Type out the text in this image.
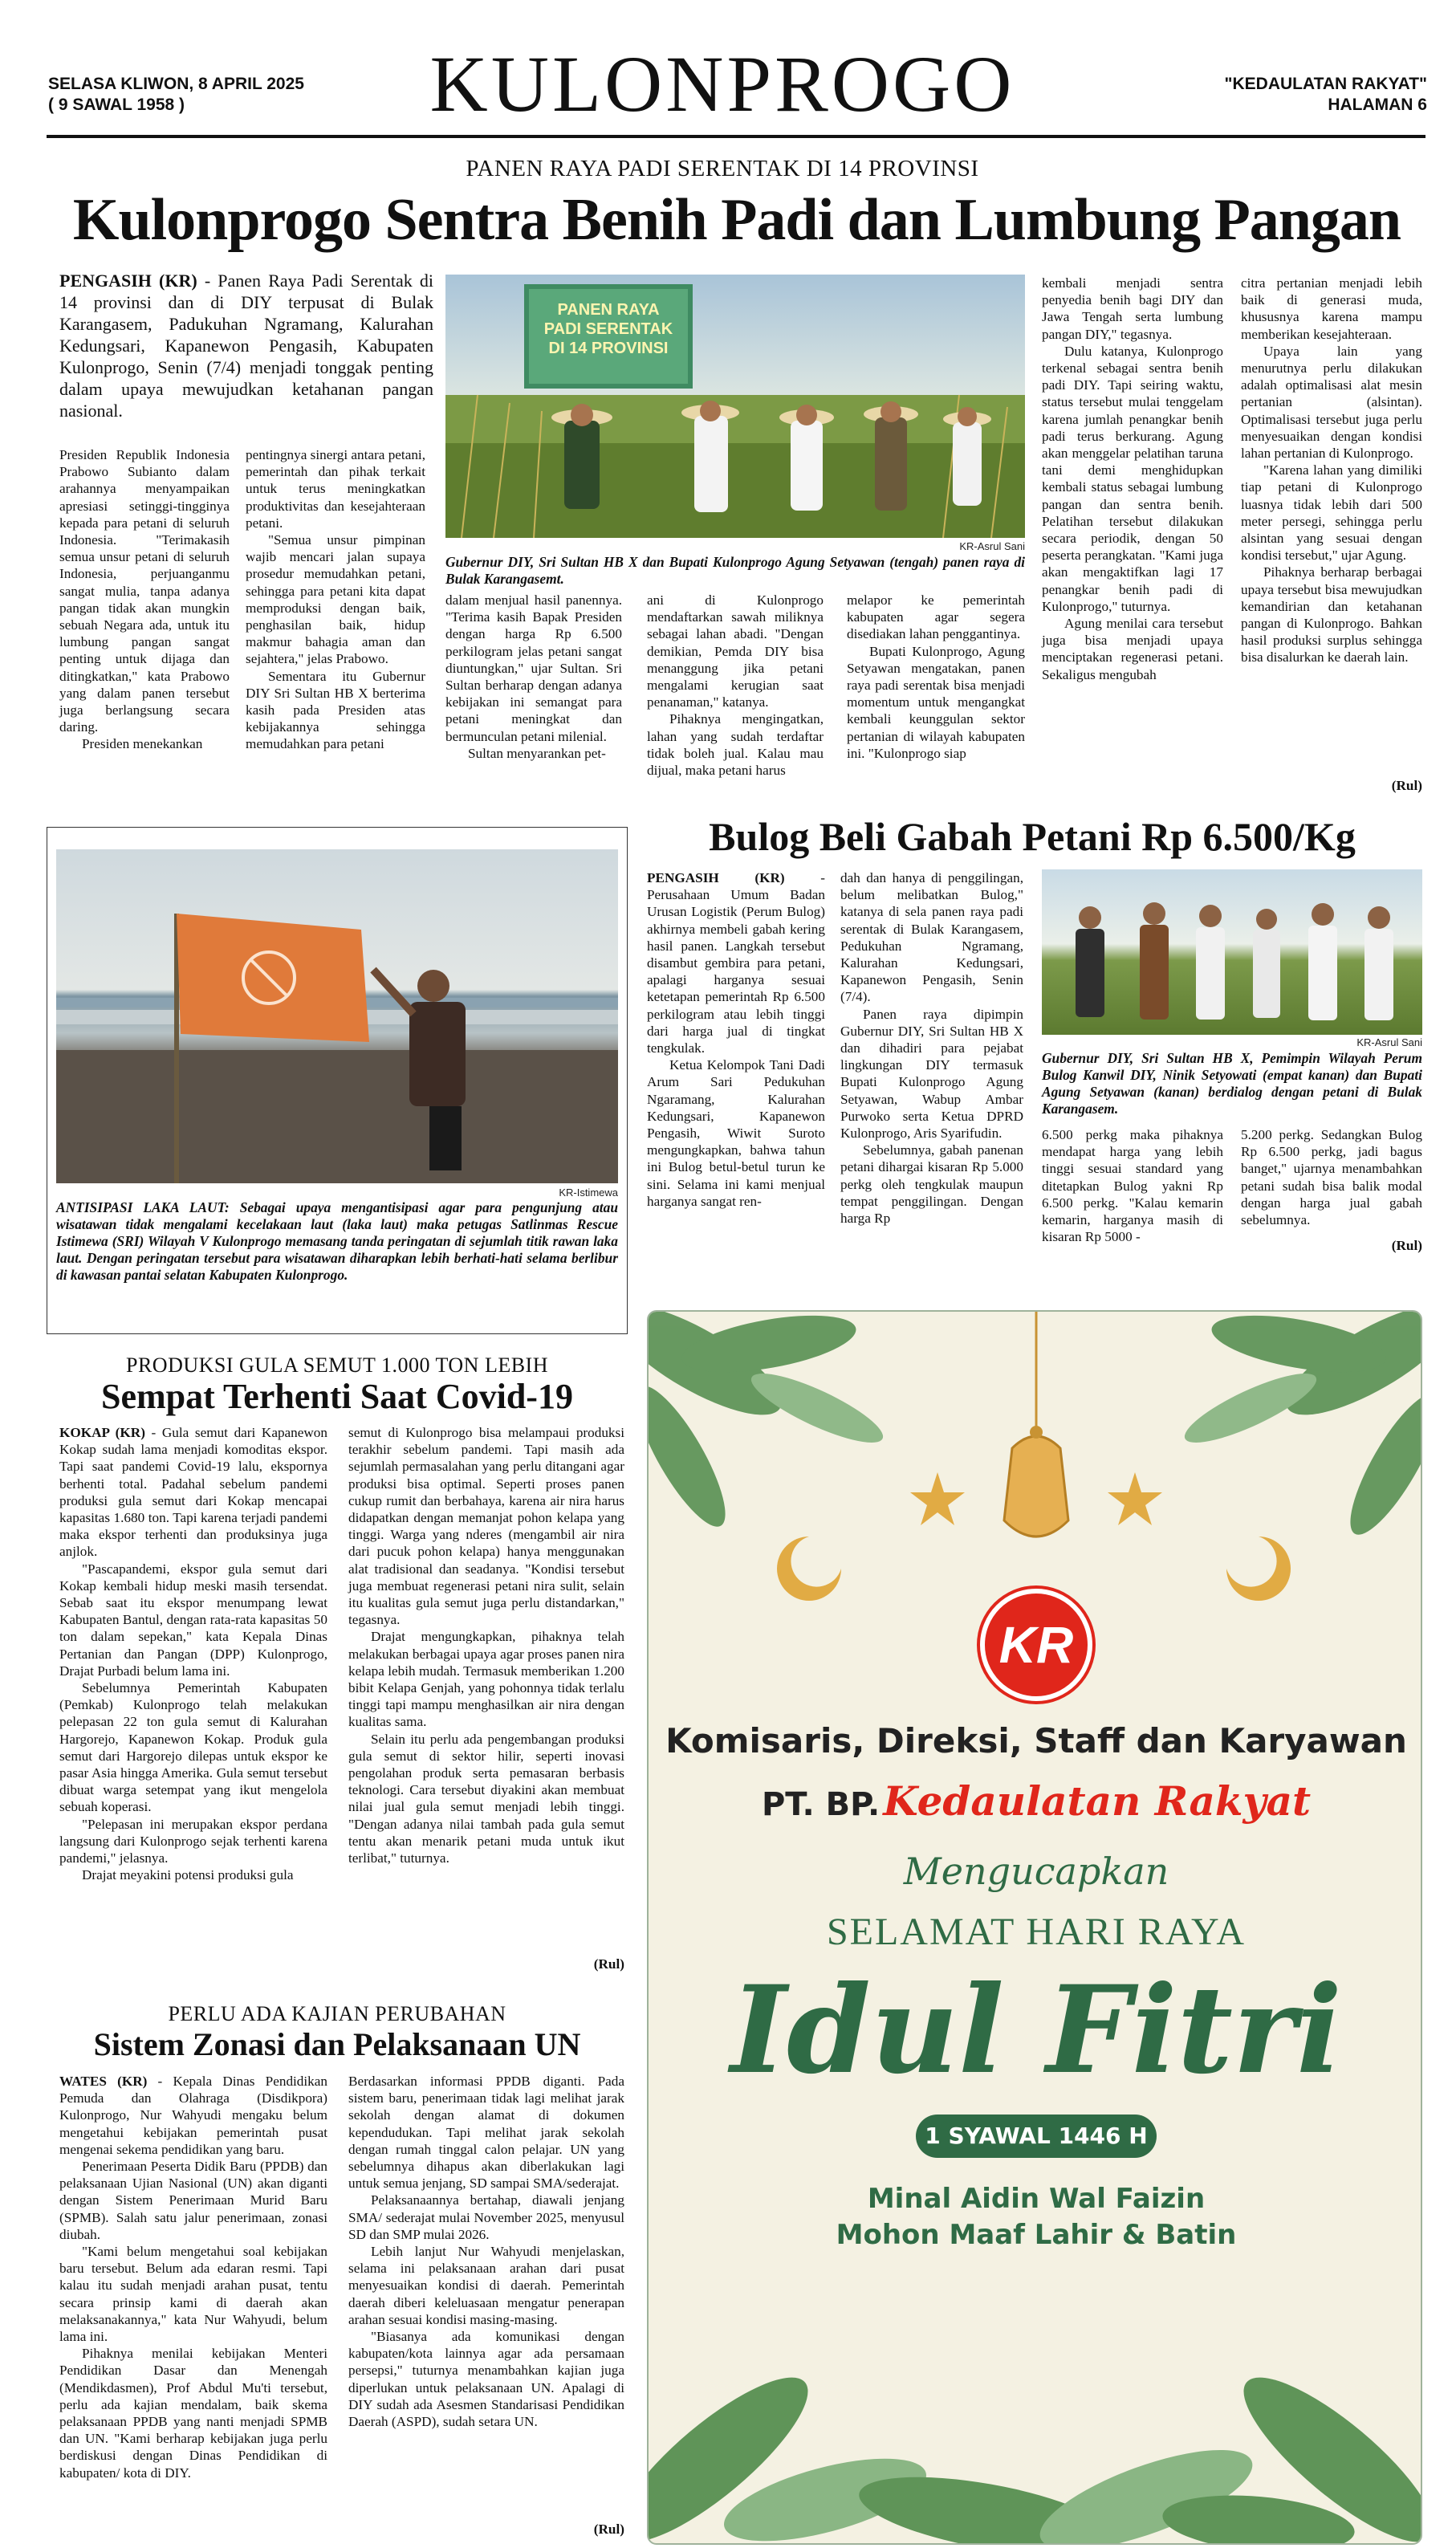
SELASA KLIWON, 8 APRIL 2025
( 9 SAWAL 1958 )	KULONPROGO	"KEDAULATAN RAKYAT"
HALAMAN 6
PANEN RAYA PADI SERENTAK DI 14 PROVINSI
Kulonprogo Sentra Benih Padi dan Lumbung Pangan
PENGASIH (KR) - Panen Raya Padi Serentak di 14 provinsi dan di DIY terpusat di Bulak Karangasem, Padukuhan Ngramang, Kalurahan Kedungsari, Kapanewon Pengasih, Kabupaten Kulonprogo, Senin (7/4) menjadi tonggak penting dalam upaya mewujudkan ketahanan pangan nasional.

Presiden Republik Indonesia Prabowo Subianto dalam arahannya menyampaikan apresiasi setinggi-tingginya kepada para petani di seluruh Indonesia. "Terimakasih semua unsur petani di seluruh Indonesia, perjuanganmu sangat mulia, tanpa adanya pangan tidak akan mungkin sebuah Negara ada, untuk itu lumbung pangan sangat penting untuk dijaga dan ditingkatkan," kata Prabowo yang dalam panen tersebut juga berlangsung secara daring.

Presiden menekankan

pentingnya sinergi antara petani, pemerintah dan pihak terkait untuk terus meningkatkan produktivitas dan kesejahteraan petani.

"Semua unsur pimpinan wajib mencari jalan supaya prosedur memudahkan petani, sehingga para petani kita dapat memproduksi dengan baik, penghasilan baik, hidup makmur bahagia aman dan sejahtera," jelas Prabowo.

Sementara itu Gubernur DIY Sri Sultan HB X berterima kasih pada Presiden atas kebijakannya sehingga memudahkan para petani

PANEN RAYA
PADI SERENTAK
DI 14 PROVINSI
KR-Asrul Sani
Gubernur DIY, Sri Sultan HB X dan Bupati Kulonprogo Agung Setyawan (tengah) panen raya di Bulak Karangasemt.

dalam menjual hasil panennya. "Terima kasih Bapak Presiden dengan harga Rp 6.500 perkilogram jelas petani sangat diuntungkan," ujar Sultan. Sri Sultan berharap dengan adanya kebijakan ini semangat para petani meningkat dan bermunculan petani milenial.

Sultan menyarankan pet-

ani di Kulonprogo mendaftarkan sawah miliknya sebagai lahan abadi. "Dengan demikian, Pemda DIY bisa menanggung jika petani mengalami kerugian saat penanaman," katanya.

Pihaknya mengingatkan, lahan yang sudah terdaftar tidak boleh jual. Kalau mau dijual, maka petani harus

melapor ke pemerintah kabupaten agar segera disediakan lahan penggantinya.

Bupati Kulonprogo, Agung Setyawan mengatakan, panen raya padi serentak bisa menjadi momentum untuk mengangkat kembali keunggulan sektor pertanian di wilayah kabupaten ini. "Kulonprogo siap

kembali menjadi sentra penyedia benih bagi DIY dan Jawa Tengah serta lumbung pangan DIY," tegasnya.

Dulu katanya, Kulonprogo terkenal sebagai sentra benih padi DIY. Tapi seiring waktu, status tersebut mulai tenggelam karena jumlah penangkar benih padi terus berkurang. Agung akan menggelar pelatihan taruna tani demi menghidupkan kembali status sebagai lumbung pangan dan sentra benih. Pelatihan tersebut dilakukan secara periodik, dengan 50 peserta perangkatan. "Kami juga akan mengaktifkan lagi 17 penangkar benih padi di Kulonprogo," tuturnya.

Agung menilai cara tersebut juga bisa menjadi upaya menciptakan regenerasi petani. Sekaligus mengubah

citra pertanian menjadi lebih baik di generasi muda, khususnya karena mampu memberikan kesejahteraan.

Upaya lain yang menurutnya perlu dilakukan adalah optimalisasi alat mesin pertanian (alsintan). Optimalisasi tersebut juga perlu menyesuaikan dengan kondisi lahan pertanian di Kulonprogo.

"Karena lahan yang dimiliki tiap petani di Kulonprogo luasnya tidak lebih dari 500 meter persegi, sehingga perlu alsintan yang sesuai dengan kondisi tersebut," ujar Agung.

Pihaknya berharap berbagai upaya tersebut bisa mewujudkan kemandirian dan ketahanan pangan di Kulonprogo. Bahkan hasil produksi surplus sehingga bisa disalurkan ke daerah lain.

(Rul)
KR-Istimewa
ANTISIPASI LAKA LAUT: Sebagai upaya mengantisipasi agar para pengunjung atau wisatawan tidak mengalami kecelakaan laut (laka laut) maka petugas Satlinmas Rescue Istimewa (SRI) Wilayah V Kulonprogo memasang tanda peringatan di sejumlah titik rawan laka laut. Dengan peringatan tersebut para wisatawan diharapkan lebih berhati-hati selama berlibur di kawasan pantai selatan Kabupaten Kulonprogo.
Bulog Beli Gabah Petani Rp 6.500/Kg

PENGASIH (KR) - Perusahaan Umum Badan Urusan Logistik (Perum Bulog) akhirnya membeli gabah kering hasil panen. Langkah tersebut disambut gembira para petani, apalagi harganya sesuai ketetapan pemerintah Rp 6.500 perkilogram atau lebih tinggi dari harga jual di tingkat tengkulak.

Ketua Kelompok Tani Dadi Arum Sari Pedukuhan Ngaramang, Kalurahan Kedungsari, Kapanewon Pengasih, Wiwit Suroto mengungkapkan, bahwa tahun ini Bulog betul-betul turun ke sini. Selama ini kami menjual harganya sangat ren-

dah dan hanya di penggilingan, belum melibatkan Bulog," katanya di sela panen raya padi serentak di Bulak Karangasem, Pedukuhan Ngramang, Kalurahan Kedungsari, Kapanewon Pengasih, Senin (7/4).

Panen raya dipimpin Gubernur DIY, Sri Sultan HB X dan dihadiri para pejabat lingkungan DIY termasuk Bupati Kulonprogo Agung Setyawan, Wabup Ambar Purwoko serta Ketua DPRD Kulonprogo, Aris Syarifudin.

Sebelumnya, gabah panenan petani dihargai kisaran Rp 5.000 perkg oleh tengkulak maupun tempat penggilingan. Dengan harga Rp

KR-Asrul Sani
Gubernur DIY, Sri Sultan HB X, Pemimpin Wilayah Perum Bulog Kanwil DIY, Ninik Setyowati (empat kanan) dan Bupati Agung Setyawan (kanan) berdialog dengan petani di Bulak Karangasem.

6.500 perkg maka pihaknya mendapat harga yang lebih tinggi sesuai standard yang ditetapkan Bulog yakni Rp 6.500 perkg. "Kalau kemarin kemarin, harganya masih di kisaran Rp 5000 -

5.200 perkg. Sedangkan Bulog Rp 6.500 perkg, jadi bagus banget," ujarnya menambahkan petani sudah bisa balik modal dengan harga jual gabah sebelumnya.

(Rul)
PRODUKSI GULA SEMUT 1.000 TON LEBIH
Sempat Terhenti Saat Covid-19

KOKAP (KR) - Gula semut dari Kapanewon Kokap sudah lama menjadi komoditas ekspor. Tapi saat pandemi Covid-19 lalu, ekspornya berhenti total. Padahal sebelum pandemi produksi gula semut dari Kokap mencapai kapasitas 1.680 ton. Tapi karena terjadi pandemi maka ekspor terhenti dan produksinya juga anjlok.

"Pascapandemi, ekspor gula semut dari Kokap kembali hidup meski masih tersendat. Sebab saat itu ekspor menumpang lewat Kabupaten Bantul, dengan rata-rata kapasitas 50 ton dalam sepekan," kata Kepala Dinas Pertanian dan Pangan (DPP) Kulonprogo, Drajat Purbadi belum lama ini.

Sebelumnya Pemerintah Kabupaten (Pemkab) Kulonprogo telah melakukan pelepasan 22 ton gula semut di Kalurahan Hargorejo, Kapanewon Kokap. Produk gula semut dari Hargorejo dilepas untuk ekspor ke pasar Asia hingga Amerika. Gula semut tersebut dibuat warga setempat yang ikut mengelola sebuah koperasi.

"Pelepasan ini merupakan ekspor perdana langsung dari Kulonprogo sejak terhenti karena pandemi," jelasnya.

Drajat meyakini potensi produksi gula

semut di Kulonprogo bisa melampaui produksi terakhir sebelum pandemi. Tapi masih ada sejumlah permasalahan yang perlu ditangani agar produksi bisa optimal. Seperti proses panen cukup rumit dan berbahaya, karena air nira harus didapatkan dengan memanjat pohon kelapa yang tinggi. Warga yang nderes (mengambil air nira dari pucuk pohon kelapa) hanya menggunakan alat tradisional dan seadanya. "Kondisi tersebut juga membuat regenerasi petani nira sulit, selain itu kualitas gula semut juga perlu distandarkan," tegasnya.

Drajat mengungkapkan, pihaknya telah melakukan berbagai upaya agar proses panen nira kelapa lebih mudah. Termasuk memberikan 1.200 bibit Kelapa Genjah, yang pohonnya tidak terlalu tinggi tapi mampu menghasilkan air nira dengan kualitas sama.

Selain itu perlu ada pengembangan produksi gula semut di sektor hilir, seperti inovasi pengolahan produk serta pemasaran berbasis teknologi. Cara tersebut diyakini akan membuat nilai jual gula semut menjadi lebih tinggi. "Dengan adanya nilai tambah pada gula semut tentu akan menarik petani muda untuk ikut terlibat," tuturnya.

(Rul)
PERLU ADA KAJIAN PERUBAHAN
Sistem Zonasi dan Pelaksanaan UN

WATES (KR) - Kepala Dinas Pendidikan Pemuda dan Olahraga (Disdikpora) Kulonprogo, Nur Wahyudi mengaku belum mengetahui kebijakan pemerintah pusat mengenai sekema pendidikan yang baru.

Penerimaan Peserta Didik Baru (PPDB) dan pelaksanaan Ujian Nasional (UN) akan diganti dengan Sistem Penerimaan Murid Baru (SPMB). Salah satu jalur penerimaan, zonasi diubah.

"Kami belum mengetahui soal kebijakan baru tersebut. Belum ada edaran resmi. Tapi kalau itu sudah menjadi arahan pusat, tentu secara prinsip kami di daerah akan melaksanakannya," kata Nur Wahyudi, belum lama ini.

Pihaknya menilai kebijakan Menteri Pendidikan Dasar dan Menengah (Mendikdasmen), Prof Abdul Mu'ti tersebut, perlu ada kajian mendalam, baik skema pelaksanaan PPDB yang nanti menjadi SPMB dan UN. "Kami berharap kebijakan juga perlu berdiskusi dengan Dinas Pendidikan di kabupaten/ kota di DIY.

Berdasarkan informasi PPDB diganti. Pada sistem baru, penerimaan tidak lagi melihat jarak sekolah dengan alamat di dokumen kependudukan. Tapi melihat jarak sekolah dengan rumah tinggal calon pelajar. UN yang sebelumnya dihapus akan diberlakukan lagi untuk semua jenjang, SD sampai SMA/sederajat.

Pelaksanaannya bertahap, diawali jenjang SMA/ sederajat mulai November 2025, menyusul SD dan SMP mulai 2026.

Lebih lanjut Nur Wahyudi menjelaskan, selama ini pelaksanaan arahan dari pusat menyesuaikan kondisi di daerah. Pemerintah daerah diberi keleluasaan mengatur penerapan arahan sesuai kondisi masing-masing.

"Biasanya ada komunikasi dengan kabupaten/kota lainnya agar ada persamaan persepsi," tuturnya menambahkan kajian juga diperlukan untuk pelaksanaan UN. Apalagi di DIY sudah ada Asesmen Standarisasi Pendidikan Daerah (ASPD), sudah setara UN.

(Rul)
KR
Komisaris, Direksi, Staff dan Karyawan
PT. BP. Kedaulatan Rakyat
Mengucapkan
SELAMAT HARI RAYA
Idul Fitri
1 SYAWAL 1446 H
Minal Aidin Wal Faizin
Mohon Maaf Lahir & Batin
